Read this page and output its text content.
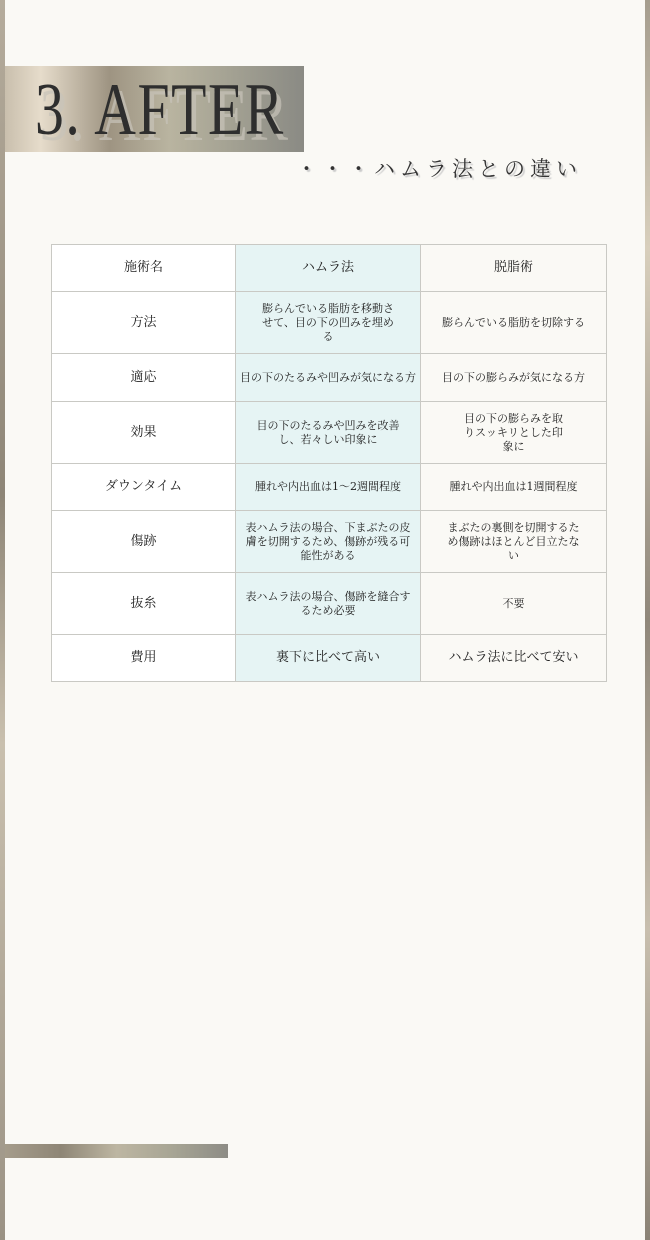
3. AFTER
・・・ハムラ法との違い
施術名	ハムラ法	脱脂術
方法	膨らんでいる脂肪を移動させて、目の下の凹みを埋める	膨らんでいる脂肪を切除する
適応	目の下のたるみや凹みが気になる方	目の下の膨らみが気になる方
効果	目の下のたるみや凹みを改善し、若々しい印象に	目の下の膨らみを取りスッキリとした印象に
ダウンタイム	腫れや内出血は1～2週間程度	腫れや内出血は1週間程度
傷跡	表ハムラ法の場合、下まぶたの皮膚を切開するため、傷跡が残る可能性がある	まぶたの裏側を切開するため傷跡はほとんど目立たない
抜糸	表ハムラ法の場合、傷跡を縫合するため必要	不要
費用	裏下に比べて高い	ハムラ法に比べて安い
